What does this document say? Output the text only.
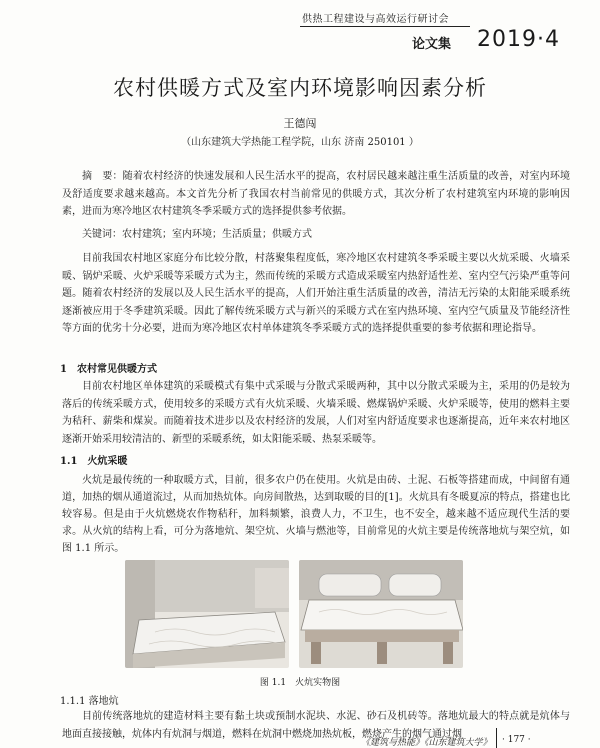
供热工程建设与高效运行研讨会
论文集 2019·4
农村供暖方式及室内环境影响因素分析
王德闯
（山东建筑大学热能工程学院，山东 济南 250101 ）
摘　要：随着农村经济的快速发展和人民生活水平的提高，农村居民越来越注重生活质量的改善，对室内环境及舒适度要求越来越高。本文首先分析了我国农村当前常见的供暖方式，其次分析了农村建筑室内环境的影响因素，进而为寒冷地区农村建筑冬季采暖方式的选择提供参考依据。
关键词：农村建筑；室内环境；生活质量；供暖方式
目前我国农村地区家庭分布比较分散，村落聚集程度低，寒冷地区农村建筑冬季采暖主要以火炕采暖、火墙采暖、锅炉采暖、火炉采暖等采暖方式为主，然而传统的采暖方式造成采暖室内热舒适性差、室内空气污染严重等问题。随着农村经济的发展以及人民生活水平的提高，人们开始注重生活质量的改善，清洁无污染的太阳能采暖系统逐渐被应用于冬季建筑采暖。因此了解传统采暖方式与新兴的采暖方式在室内热环境、室内空气质量及节能经济性等方面的优劣十分必要，进而为寒冷地区农村单体建筑冬季采暖方式的选择提供重要的参考依据和理论指导。
1　农村常见供暖方式
目前农村地区单体建筑的采暖模式有集中式采暖与分散式采暖两种，其中以分散式采暖为主，采用的仍是较为落后的传统采暖方式，使用较多的采暖方式有火炕采暖、火墙采暖、燃煤锅炉采暖、火炉采暖等，使用的燃料主要为秸秆、薪柴和煤炭。而随着技术进步以及农村经济的发展，人们对室内舒适度要求也逐渐提高，近年来农村地区逐渐开始采用较清洁的、新型的采暖系统，如太阳能采暖、热泵采暖等。
1.1　火炕采暖
火炕是最传统的一种取暖方式，目前，很多农户仍在使用。火炕是由砖、土泥、石板等搭建而成，中间留有通道，加热的烟从通道流过，从而加热炕体。向房间散热，达到取暖的目的[1]。火炕具有冬暖夏凉的特点，搭建也比较容易。但是由于火炕燃烧农作物秸秆，加料频繁，浪费人力，不卫生，也不安全，越来越不适应现代生活的要求。从火炕的结构上看，可分为落地炕、架空炕、火墙与燃池等，目前常见的火炕主要是传统落地炕与架空炕，如图 1.1 所示。
图 1.1　火炕实物图
1.1.1 落地炕
目前传统落地炕的建造材料主要有黏土块或预制水泥块、水泥、砂石及机砖等。落地炕最大的特点就是炕体与地面直接接触，炕体内有炕洞与烟道，燃料在炕洞中燃烧加热炕板，燃烧产生的烟气通过烟
《建筑与热能》《山东建筑大学》 · 177 ·
